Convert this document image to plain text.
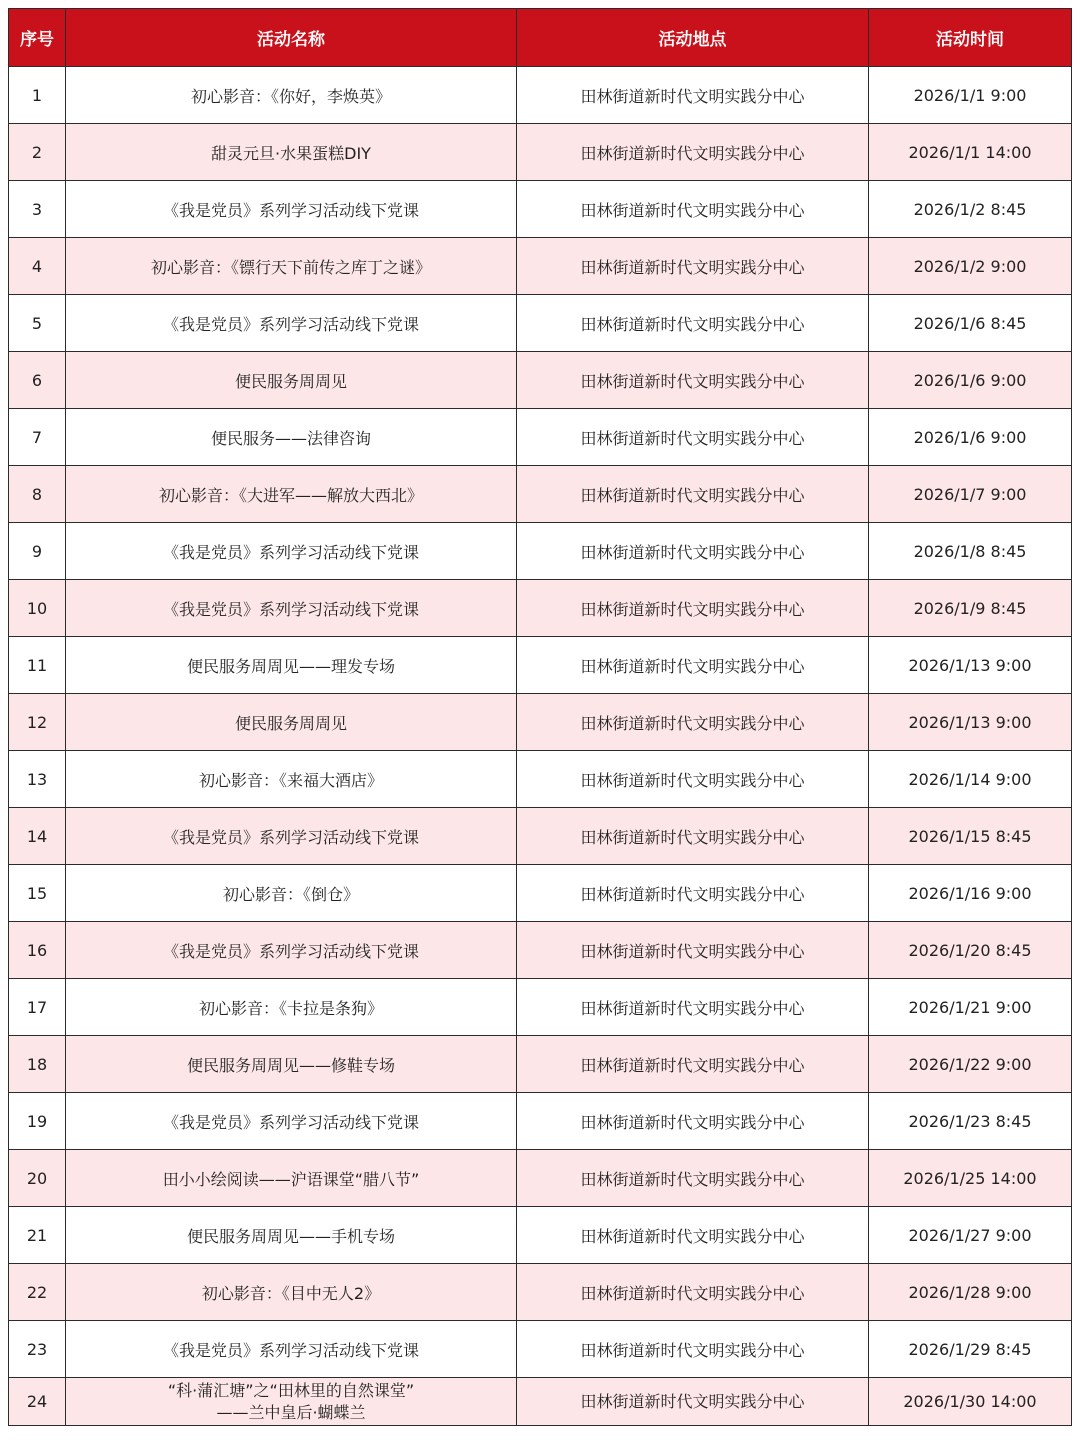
序号	活动名称	活动地点	活动时间
1	初心影音：《你好，李焕英》	田林街道新时代文明实践分中心	2026/1/1 9:00
2	甜灵元旦·水果蛋糕DIY	田林街道新时代文明实践分中心	2026/1/1 14:00
3	《我是党员》系列学习活动线下党课	田林街道新时代文明实践分中心	2026/1/2 8:45
4	初心影音：《镖行天下前传之库丁之谜》	田林街道新时代文明实践分中心	2026/1/2 9:00
5	《我是党员》系列学习活动线下党课	田林街道新时代文明实践分中心	2026/1/6 8:45
6	便民服务周周见	田林街道新时代文明实践分中心	2026/1/6 9:00
7	便民服务——法律咨询	田林街道新时代文明实践分中心	2026/1/6 9:00
8	初心影音：《大进军——解放大西北》	田林街道新时代文明实践分中心	2026/1/7 9:00
9	《我是党员》系列学习活动线下党课	田林街道新时代文明实践分中心	2026/1/8 8:45
10	《我是党员》系列学习活动线下党课	田林街道新时代文明实践分中心	2026/1/9 8:45
11	便民服务周周见——理发专场	田林街道新时代文明实践分中心	2026/1/13 9:00
12	便民服务周周见	田林街道新时代文明实践分中心	2026/1/13 9:00
13	初心影音：《来福大酒店》	田林街道新时代文明实践分中心	2026/1/14 9:00
14	《我是党员》系列学习活动线下党课	田林街道新时代文明实践分中心	2026/1/15 8:45
15	初心影音：《倒仓》	田林街道新时代文明实践分中心	2026/1/16 9:00
16	《我是党员》系列学习活动线下党课	田林街道新时代文明实践分中心	2026/1/20 8:45
17	初心影音：《卡拉是条狗》	田林街道新时代文明实践分中心	2026/1/21 9:00
18	便民服务周周见——修鞋专场	田林街道新时代文明实践分中心	2026/1/22 9:00
19	《我是党员》系列学习活动线下党课	田林街道新时代文明实践分中心	2026/1/23 8:45
20	田小小绘阅读——沪语课堂“腊八节”	田林街道新时代文明实践分中心	2026/1/25 14:00
21	便民服务周周见——手机专场	田林街道新时代文明实践分中心	2026/1/27 9:00
22	初心影音：《目中无人2》	田林街道新时代文明实践分中心	2026/1/28 9:00
23	《我是党员》系列学习活动线下党课	田林街道新时代文明实践分中心	2026/1/29 8:45
24	“科·蒲汇塘”之“田林里的自然课堂”
——兰中皇后·蝴蝶兰	田林街道新时代文明实践分中心	2026/1/30 14:00
